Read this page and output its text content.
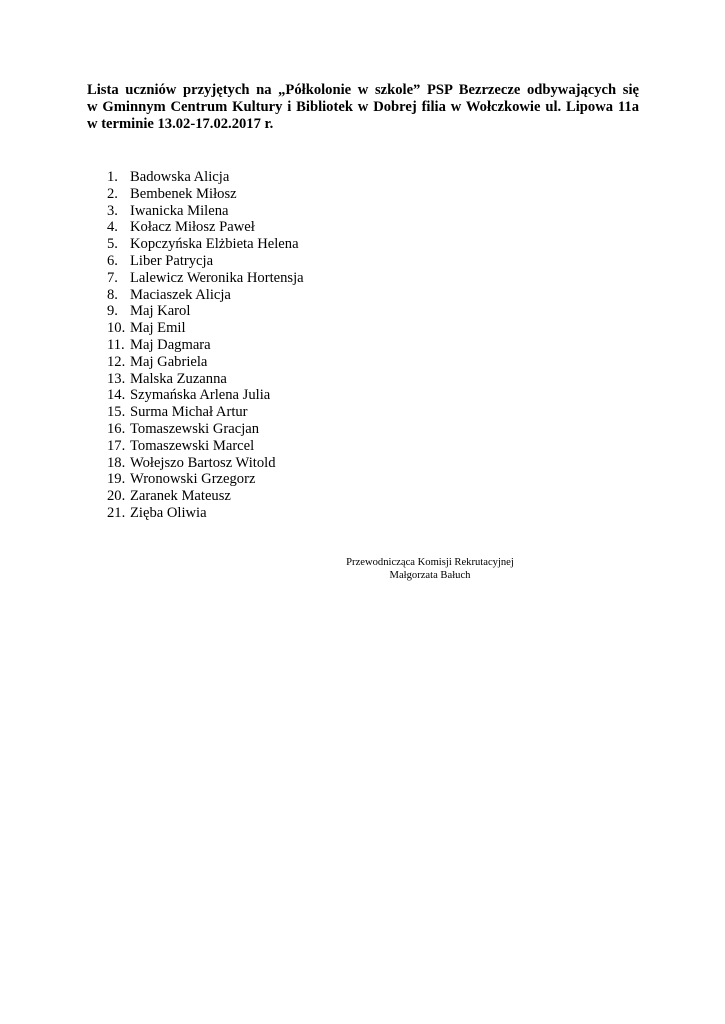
Lista uczniów przyjętych na „Półkolonie w szkole” PSP Bezrzecze odbywających się
w Gminnym Centrum Kultury i Bibliotek w Dobrej filia w Wołczkowie ul. Lipowa 11a
w terminie 13.02-17.02.2017 r.
1. Badowska Alicja
2. Bembenek Miłosz
3. Iwanicka Milena
4. Kołacz Miłosz Paweł
5. Kopczyńska Elżbieta Helena
6. Liber Patrycja
7. Lalewicz Weronika Hortensja
8. Maciaszek Alicja
9. Maj Karol
10. Maj Emil
11. Maj Dagmara
12. Maj Gabriela
13. Malska Zuzanna
14. Szymańska Arlena Julia
15. Surma Michał Artur
16. Tomaszewski Gracjan
17. Tomaszewski Marcel
18. Wołejszo Bartosz Witold
19. Wronowski Grzegorz
20. Zaranek Mateusz
21. Zięba Oliwia
Przewodnicząca Komisji Rekrutacyjnej
Małgorzata Bałuch
